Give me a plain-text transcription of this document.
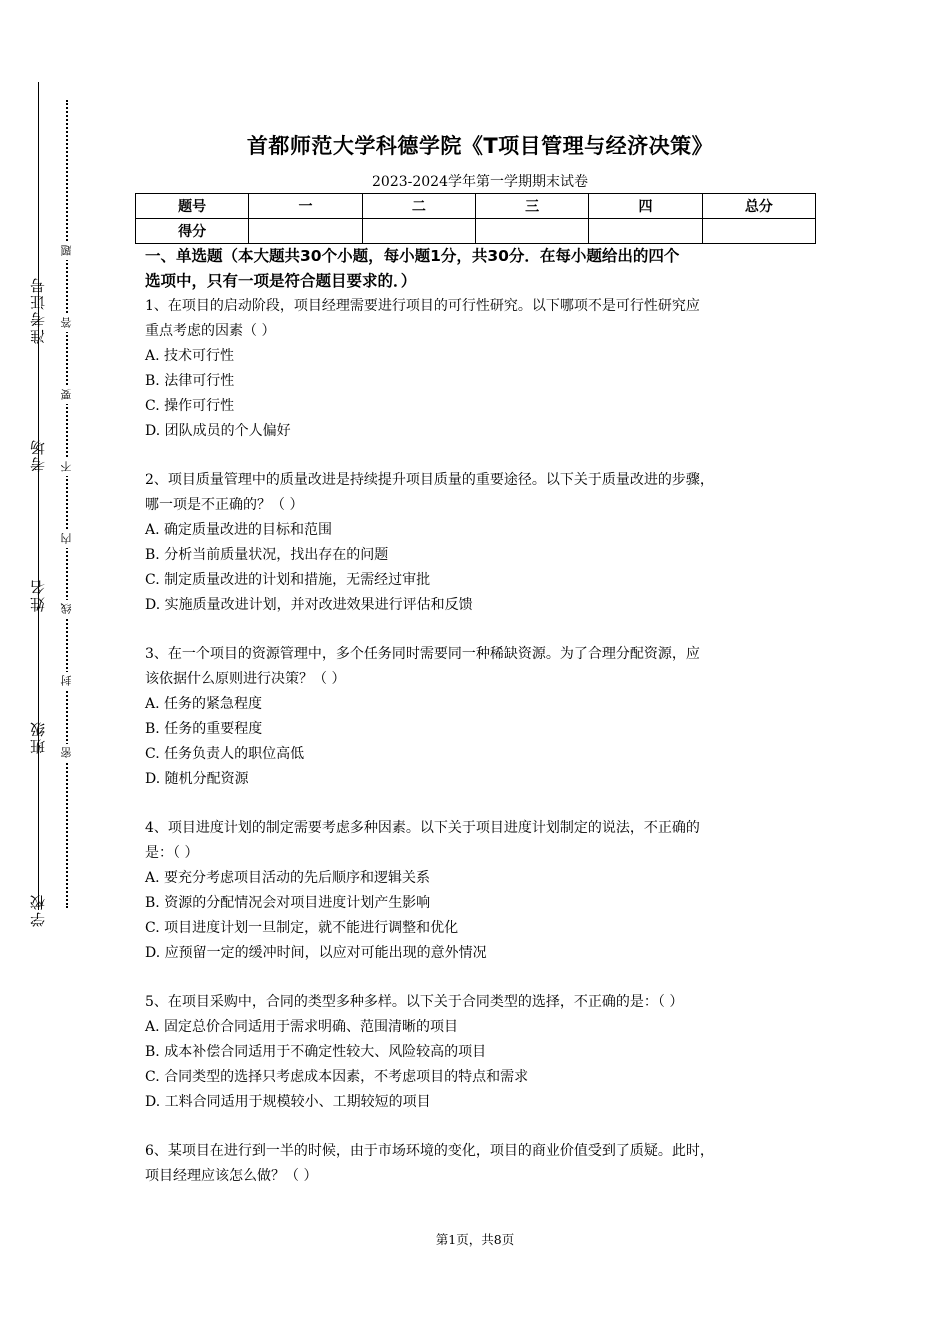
准考证号
考场
姓名
班级
学校
题
答
要
不
内
线
封
密
首都师范大学科德学院《T项目管理与经济决策》
2023-2024学年第一学期期末试卷
题号	一	二	三	四	总分
得分					

一、单选题（本大题共30个小题，每小题1分，共30分．在每小题给出的四个

选项中，只有一项是符合题目要求的．）

1、在项目的启动阶段，项目经理需要进行项目的可行性研究。以下哪项不是可行性研究应

重点考虑的因素（ ）

A. 技术可行性

B. 法律可行性

C. 操作可行性

D. 团队成员的个人偏好

2、项目质量管理中的质量改进是持续提升项目质量的重要途径。以下关于质量改进的步骤，

哪一项是不正确的？（ ）

A. 确定质量改进的目标和范围

B. 分析当前质量状况，找出存在的问题

C. 制定质量改进的计划和措施，无需经过审批

D. 实施质量改进计划，并对改进效果进行评估和反馈

3、在一个项目的资源管理中，多个任务同时需要同一种稀缺资源。为了合理分配资源，应

该依据什么原则进行决策？（ ）

A. 任务的紧急程度

B. 任务的重要程度

C. 任务负责人的职位高低

D. 随机分配资源

4、项目进度计划的制定需要考虑多种因素。以下关于项目进度计划制定的说法，不正确的

是：（ ）

A. 要充分考虑项目活动的先后顺序和逻辑关系

B. 资源的分配情况会对项目进度计划产生影响

C. 项目进度计划一旦制定，就不能进行调整和优化

D. 应预留一定的缓冲时间，以应对可能出现的意外情况

5、在项目采购中，合同的类型多种多样。以下关于合同类型的选择，不正确的是：（ ）

A. 固定总价合同适用于需求明确、范围清晰的项目

B. 成本补偿合同适用于不确定性较大、风险较高的项目

C. 合同类型的选择只考虑成本因素，不考虑项目的特点和需求

D. 工料合同适用于规模较小、工期较短的项目

6、某项目在进行到一半的时候，由于市场环境的变化，项目的商业价值受到了质疑。此时，

项目经理应该怎么做？（ ）

第1页，共8页
